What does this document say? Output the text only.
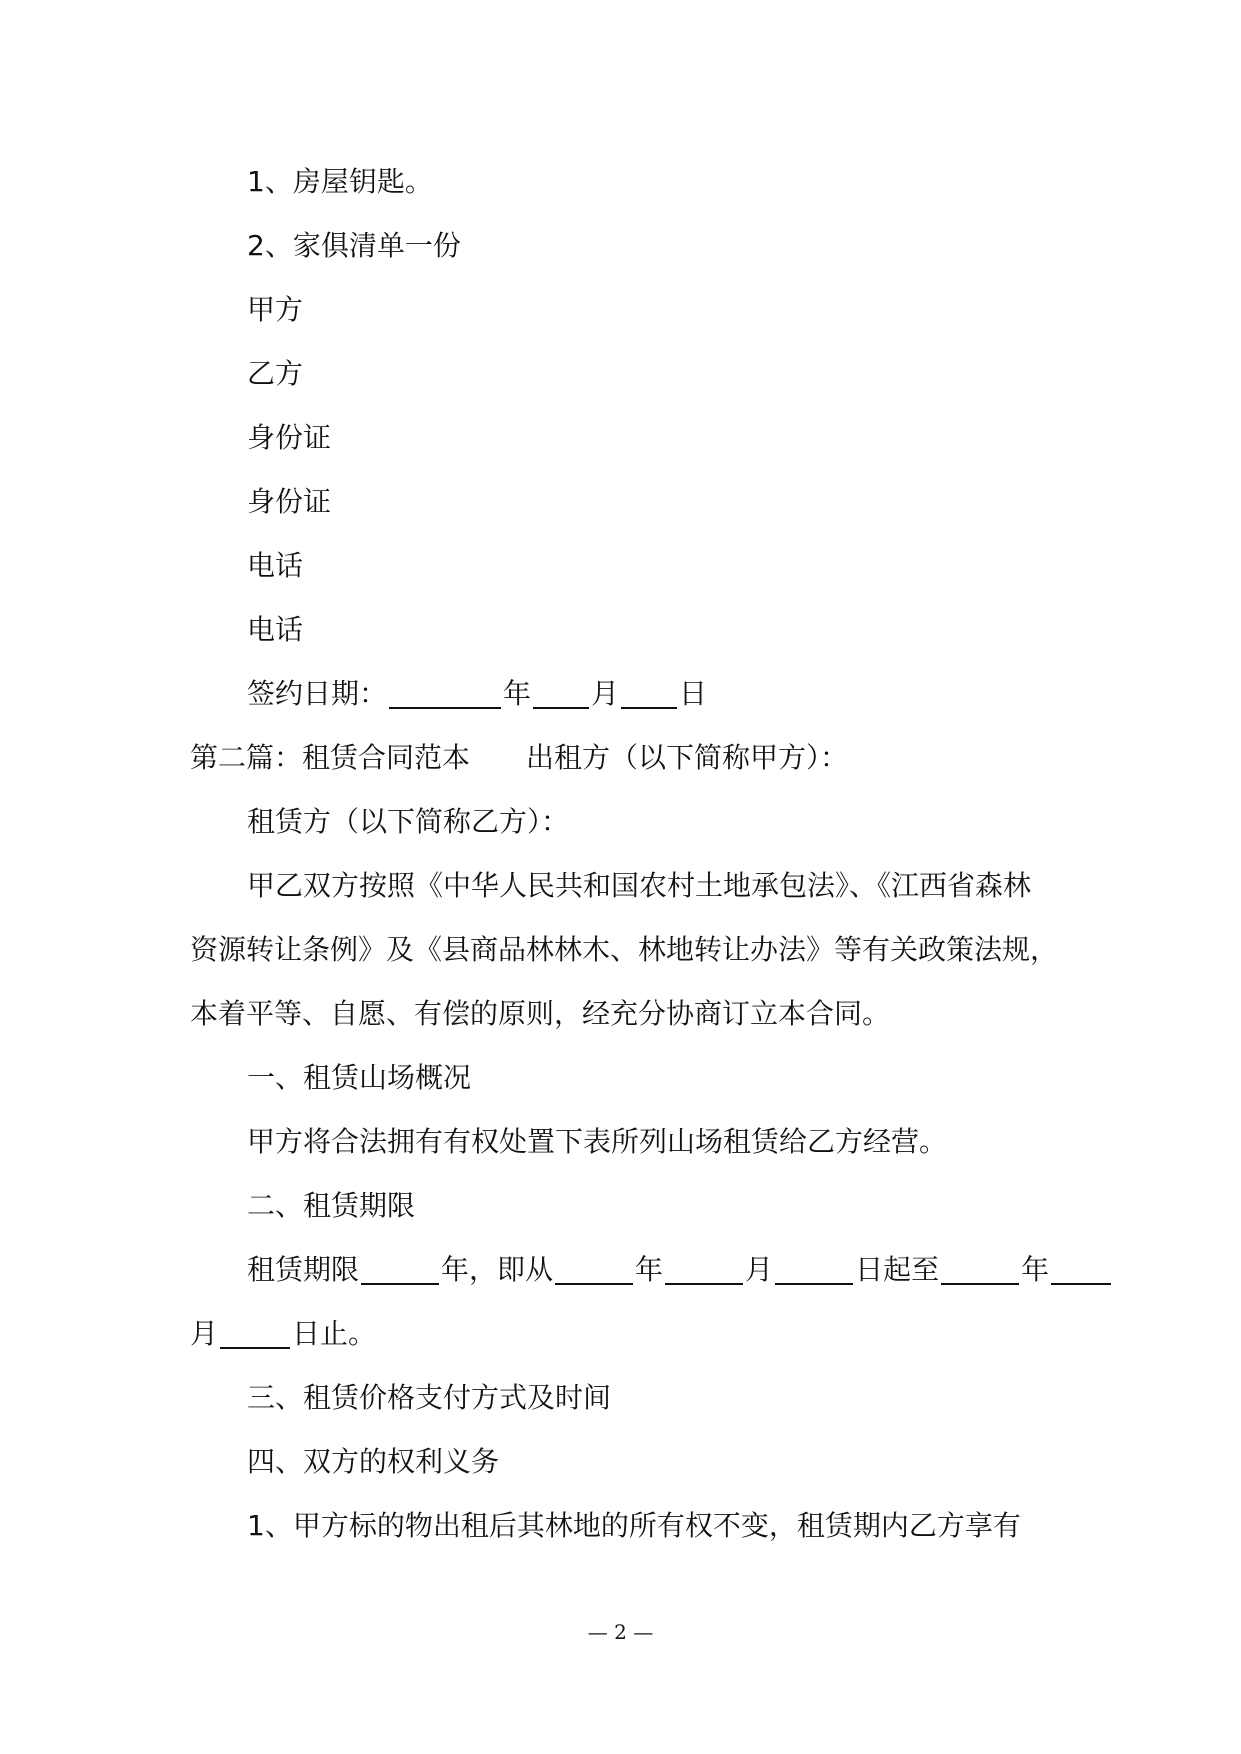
1、房屋钥匙。
2、家俱清单一份
甲方
乙方
身份证
身份证
电话
电话
签约日期：	年 月 日
第二篇：租赁合同范本 出租方（以下简称甲方）：
租赁方（以下简称乙方）：
甲乙双方按照《中华人民共和国农村土地承包法》、《江西省森林
资源转让条例》及《县商品林林木、林地转让办法》等有关政策法规，
本着平等、自愿、有偿的原则，经充分协商订立本合同。
一、租赁山场概况
甲方将合法拥有有权处置下表所列山场租赁给乙方经营。
二、租赁期限
租赁期限	年，即从	年	月	日起至	年
月	日止。
三、租赁价格支付方式及时间
四、双方的权利义务
1、甲方标的物出租后其林地的所有权不变，租赁期内乙方享有
— 2 —
